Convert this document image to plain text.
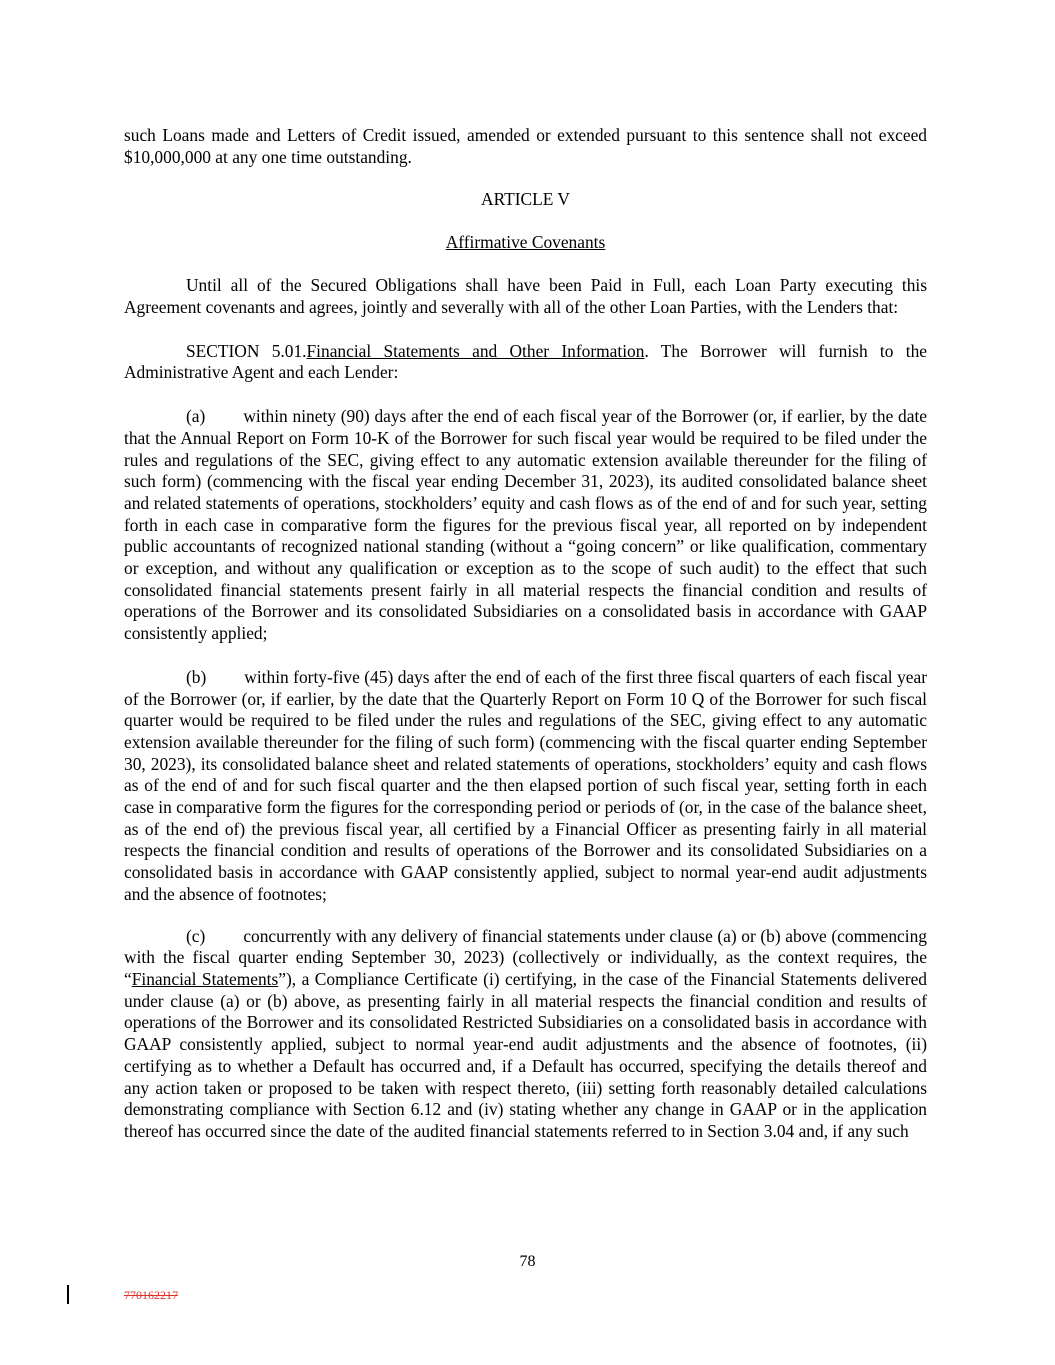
such Loans made and Letters of Credit issued, amended or extended pursuant to this sentence shall not exceed $10,000,000 at any one time outstanding.

ARTICLE V

Affirmative Covenants

Until all of the Secured Obligations shall have been Paid in Full, each Loan Party executing this Agreement covenants and agrees, jointly and severally with all of the other Loan Parties, with the Lenders that:

SECTION 5.01.Financial Statements and Other Information. The Borrower will furnish to the Administrative Agent and each Lender:

(a) within ninety (90) days after the end of each fiscal year of the Borrower (or, if earlier, by the date that the Annual Report on Form 10-K of the Borrower for such fiscal year would be required to be filed under the rules and regulations of the SEC, giving effect to any automatic extension available thereunder for the filing of such form) (commencing with the fiscal year ending December 31, 2023), its audited consolidated balance sheet and related statements of operations, stockholders’ equity and cash flows as of the end of and for such year, setting forth in each case in comparative form the figures for the previous fiscal year, all reported on by independent public accountants of recognized national standing (without a “going concern” or like qualification, commentary or exception, and without any qualification or exception as to the scope of such audit) to the effect that such consolidated financial statements present fairly in all material respects the financial condition and results of operations of the Borrower and its consolidated Subsidiaries on a consolidated basis in accordance with GAAP consistently applied;

(b) within forty-five (45) days after the end of each of the first three fiscal quarters of each fiscal year of the Borrower (or, if earlier, by the date that the Quarterly Report on Form 10 Q of the Borrower for such fiscal quarter would be required to be filed under the rules and regulations of the SEC, giving effect to any automatic extension available thereunder for the filing of such form) (commencing with the fiscal quarter ending September 30, 2023), its consolidated balance sheet and related statements of operations, stockholders’ equity and cash flows as of the end of and for such fiscal quarter and the then elapsed portion of such fiscal year, setting forth in each case in comparative form the figures for the corresponding period or periods of (or, in the case of the balance sheet, as of the end of) the previous fiscal year, all certified by a Financial Officer as presenting fairly in all material respects the financial condition and results of operations of the Borrower and its consolidated Subsidiaries on a consolidated basis in accordance with GAAP consistently applied, subject to normal year-end audit adjustments and the absence of footnotes;

(c) concurrently with any delivery of financial statements under clause (a) or (b) above (commencing with the fiscal quarter ending September 30, 2023) (collectively or individually, as the context requires, the “Financial Statements”), a Compliance Certificate (i) certifying, in the case of the Financial Statements delivered under clause (a) or (b) above, as presenting fairly in all material respects the financial condition and results of operations of the Borrower and its consolidated Restricted Subsidiaries on a consolidated basis in accordance with GAAP consistently applied, subject to normal year-end audit adjustments and the absence of footnotes, (ii) certifying as to whether a Default has occurred and, if a Default has occurred, specifying the details thereof and any action taken or proposed to be taken with respect thereto, (iii) setting forth reasonably detailed calculations demonstrating compliance with Section 6.12 and (iv) stating whether any change in GAAP or in the application thereof has occurred since the date of the audited financial statements referred to in Section 3.04 and, if any such

78
770162217
